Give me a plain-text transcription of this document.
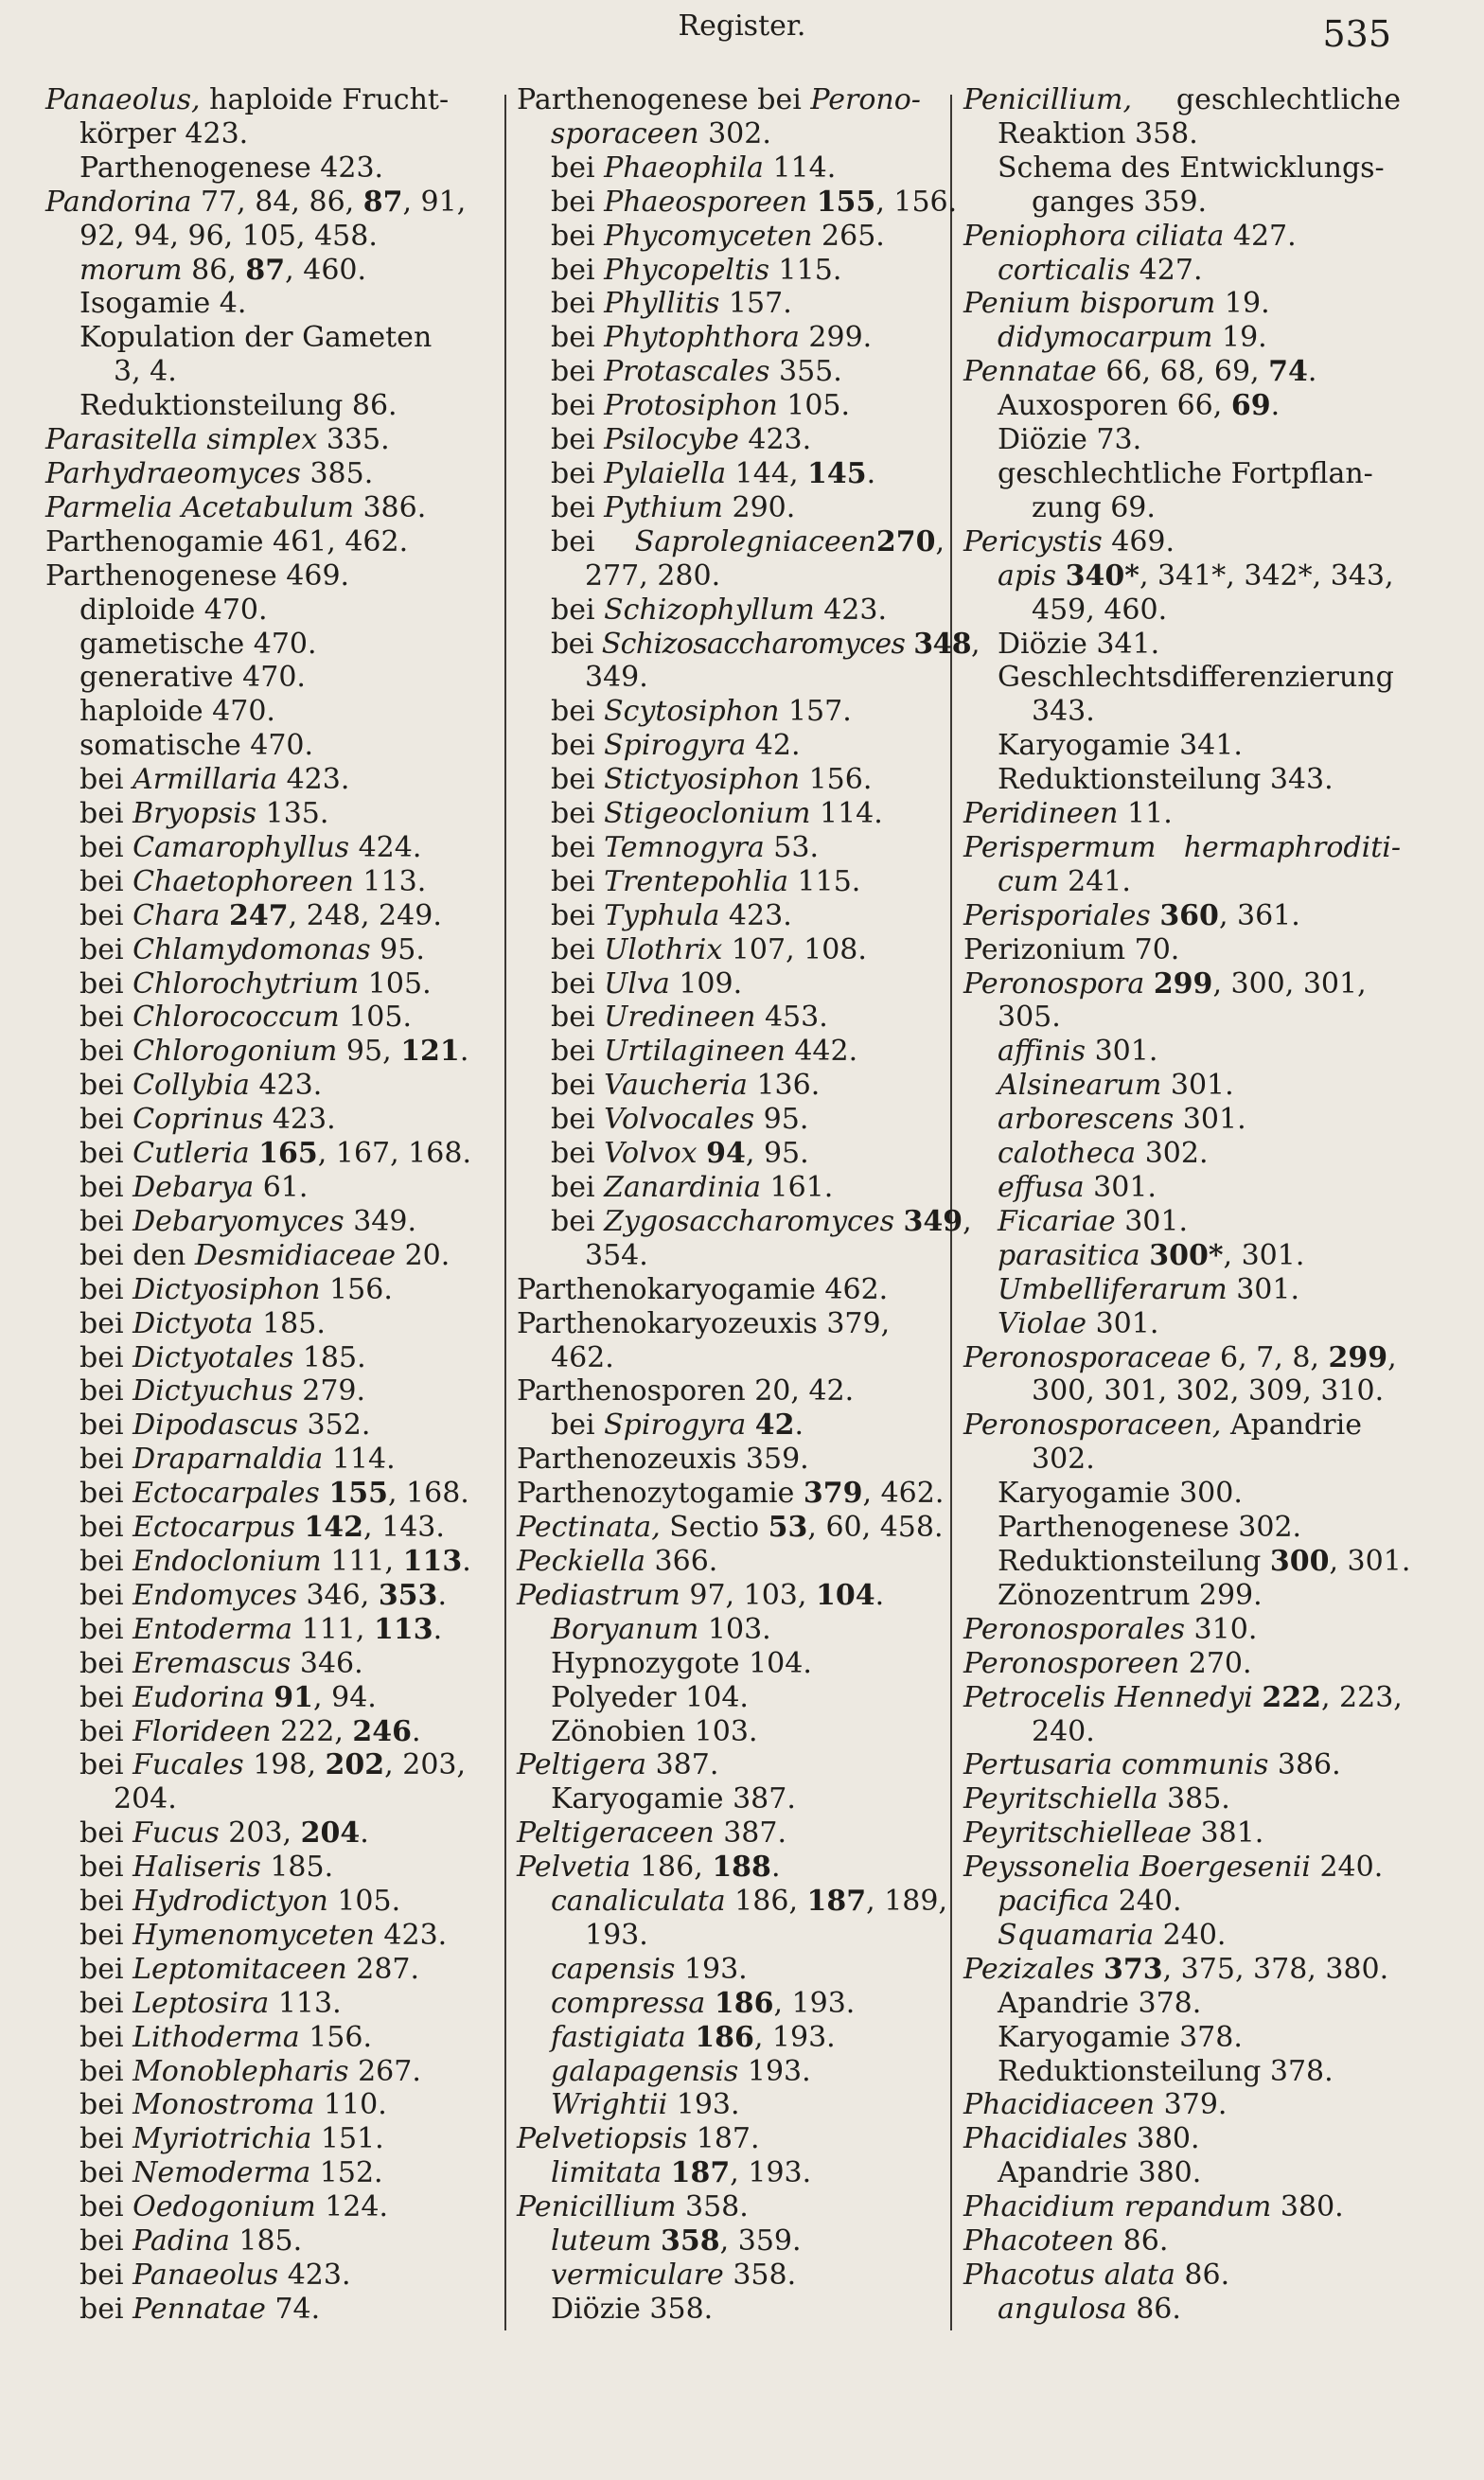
Register.	535
Panaeolus, haploide Frucht-
körper 423.
Parthenogenese 423.
Pandorina 77, 84, 86, 87, 91,
92, 94, 96, 105, 458.
morum 86, 87, 460.
Isogamie 4.
Kopulation der Gameten
3, 4.
Reduktionsteilung 86.
Parasitella simplex 335.
Parhydraeomyces 385.
Parmelia Acetabulum 386.
Parthenogamie 461, 462.
Parthenogenese 469.
diploide 470.
gametische 470.
generative 470.
haploide 470.
somatische 470.
bei Armillaria 423.
bei Bryopsis 135.
bei Camarophyllus 424.
bei Chaetophoreen 113.
bei Chara 247, 248, 249.
bei Chlamydomonas 95.
bei Chlorochytrium 105.
bei Chlorococcum 105.
bei Chlorogonium 95, 121.
bei Collybia 423.
bei Coprinus 423.
bei Cutleria 165, 167, 168.
bei Debarya 61.
bei Debaryomyces 349.
bei den Desmidiaceae 20.
bei Dictyosiphon 156.
bei Dictyota 185.
bei Dictyotales 185.
bei Dictyuchus 279.
bei Dipodascus 352.
bei Draparnaldia 114.
bei Ectocarpales 155, 168.
bei Ectocarpus 142, 143.
bei Endoclonium 111, 113.
bei Endomyces 346, 353.
bei Entoderma 111, 113.
bei Eremascus 346.
bei Eudorina 91, 94.
bei Florideen 222, 246.
bei Fucales 198, 202, 203,
204.
bei Fucus 203, 204.
bei Haliseris 185.
bei Hydrodictyon 105.
bei Hymenomyceten 423.
bei Leptomitaceen 287.
bei Leptosira 113.
bei Lithoderma 156.
bei Monoblepharis 267.
bei Monostroma 110.
bei Myriotrichia 151.
bei Nemoderma 152.
bei Oedogonium 124.
bei Padina 185.
bei Panaeolus 423.
bei Pennatae 74.
Parthenogenese bei Perono-
sporaceen 302.
bei Phaeophila 114.
bei Phaeosporeen 155, 156.
bei Phycomyceten 265.
bei Phycopeltis 115.
bei Phyllitis 157.
bei Phytophthora 299.
bei Protascales 355.
bei Protosiphon 105.
bei Psilocybe 423.
bei Pylaiella 144, 145.
bei Pythium 290.
bei Saprolegniaceen270,
277, 280.
bei Schizophyllum 423.
bei Schizosaccharomyces 348,
349.
bei Scytosiphon 157.
bei Spirogyra 42.
bei Stictyosiphon 156.
bei Stigeoclonium 114.
bei Temnogyra 53.
bei Trentepohlia 115.
bei Typhula 423.
bei Ulothrix 107, 108.
bei Ulva 109.
bei Uredineen 453.
bei Urtilagineen 442.
bei Vaucheria 136.
bei Volvocales 95.
bei Volvox 94, 95.
bei Zanardinia 161.
bei Zygosaccharomyces 349,
354.
Parthenokaryogamie 462.
Parthenokaryozeuxis 379,
462.
Parthenosporen 20, 42.
bei Spirogyra 42.
Parthenozeuxis 359.
Parthenozytogamie 379, 462.
Pectinata, Sectio 53, 60, 458.
Peckiella 366.
Pediastrum 97, 103, 104.
Boryanum 103.
Hypnozygote 104.
Polyeder 104.
Zönobien 103.
Peltigera 387.
Karyogamie 387.
Peltigeraceen 387.
Pelvetia 186, 188.
canaliculata 186, 187, 189,
193.
capensis 193.
compressa 186, 193.
fastigiata 186, 193.
galapagensis 193.
Wrightii 193.
Pelvetiopsis 187.
limitata 187, 193.
Penicillium 358.
luteum 358, 359.
vermiculare 358.
Diözie 358.
Penicillium, geschlechtliche
Reaktion 358.
Schema des Entwicklungs-
ganges 359.
Peniophora ciliata 427.
corticalis 427.
Penium bisporum 19.
didymocarpum 19.
Pennatae 66, 68, 69, 74.
Auxosporen 66, 69.
Diözie 73.
geschlechtliche Fortpflan-
zung 69.
Pericystis 469.
apis 340*, 341*, 342*, 343,
459, 460.
Diözie 341.
Geschlechtsdifferenzierung
343.
Karyogamie 341.
Reduktionsteilung 343.
Peridineen 11.
Perispermum hermaphroditi-
cum 241.
Perisporiales 360, 361.
Perizonium 70.
Peronospora 299, 300, 301,
305.
affinis 301.
Alsinearum 301.
arborescens 301.
calotheca 302.
effusa 301.
Ficariae 301.
parasitica 300*, 301.
Umbelliferarum 301.
Violae 301.
Peronosporaceae 6, 7, 8, 299,
300, 301, 302, 309, 310.
Peronosporaceen, Apandrie
302.
Karyogamie 300.
Parthenogenese 302.
Reduktionsteilung 300, 301.
Zönozentrum 299.
Peronosporales 310.
Peronosporeen 270.
Petrocelis Hennedyi 222, 223,
240.
Pertusaria communis 386.
Peyritschiella 385.
Peyritschielleae 381.
Peyssonelia Boergesenii 240.
pacifica 240.
Squamaria 240.
Pezizales 373, 375, 378, 380.
Apandrie 378.
Karyogamie 378.
Reduktionsteilung 378.
Phacidiaceen 379.
Phacidiales 380.
Apandrie 380.
Phacidium repandum 380.
Phacoteen 86.
Phacotus alata 86.
angulosa 86.
